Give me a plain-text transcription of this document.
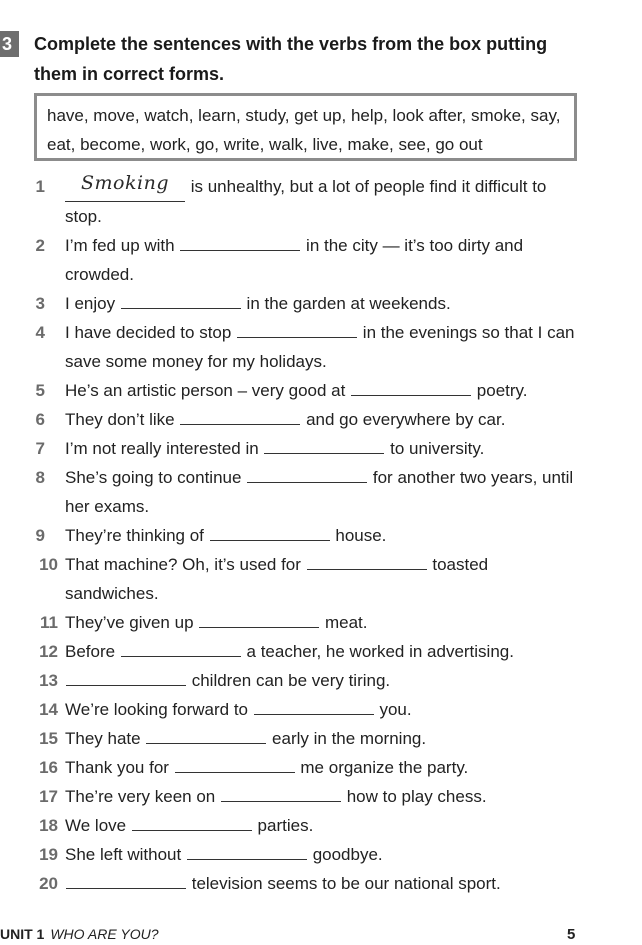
3	Complete the sentences with the verbs from the box putting them in correct forms.
have, move, watch, learn, study, get up, help, look after, smoke, say, eat, become, work, go, write, walk, live, make, see, go out
1	Smoking is unhealthy, but a lot of people find it difficult to stop.
2 I’m fed up with	in the city — it’s too dirty and crowded.
3 I enjoy	in the garden at weekends.
4 I have decided to stop	in the evenings so that I can save some money for my holidays.
5 He’s an artistic person – very good at	poetry.
6 They don’t like	and go everywhere by car.
7 I’m not really interested in	to university.
8 She’s going to continue	for another two years, until her exams.
9 They’re thinking of	house.
10 That machine? Oh, it’s used for	toasted sandwiches.
11 They’ve given up	meat.
12 Before	a teacher, he worked in advertising.
13	children can be very tiring.
14 We’re looking forward to	you.
15 They hate	early in the morning.
16 Thank you for	me organize the party.
17 The’re very keen on	how to play chess.
18 We love	parties.
19 She left without	goodbye.
20	television seems to be our national sport.
UNIT 1 WHO ARE YOU?	5
